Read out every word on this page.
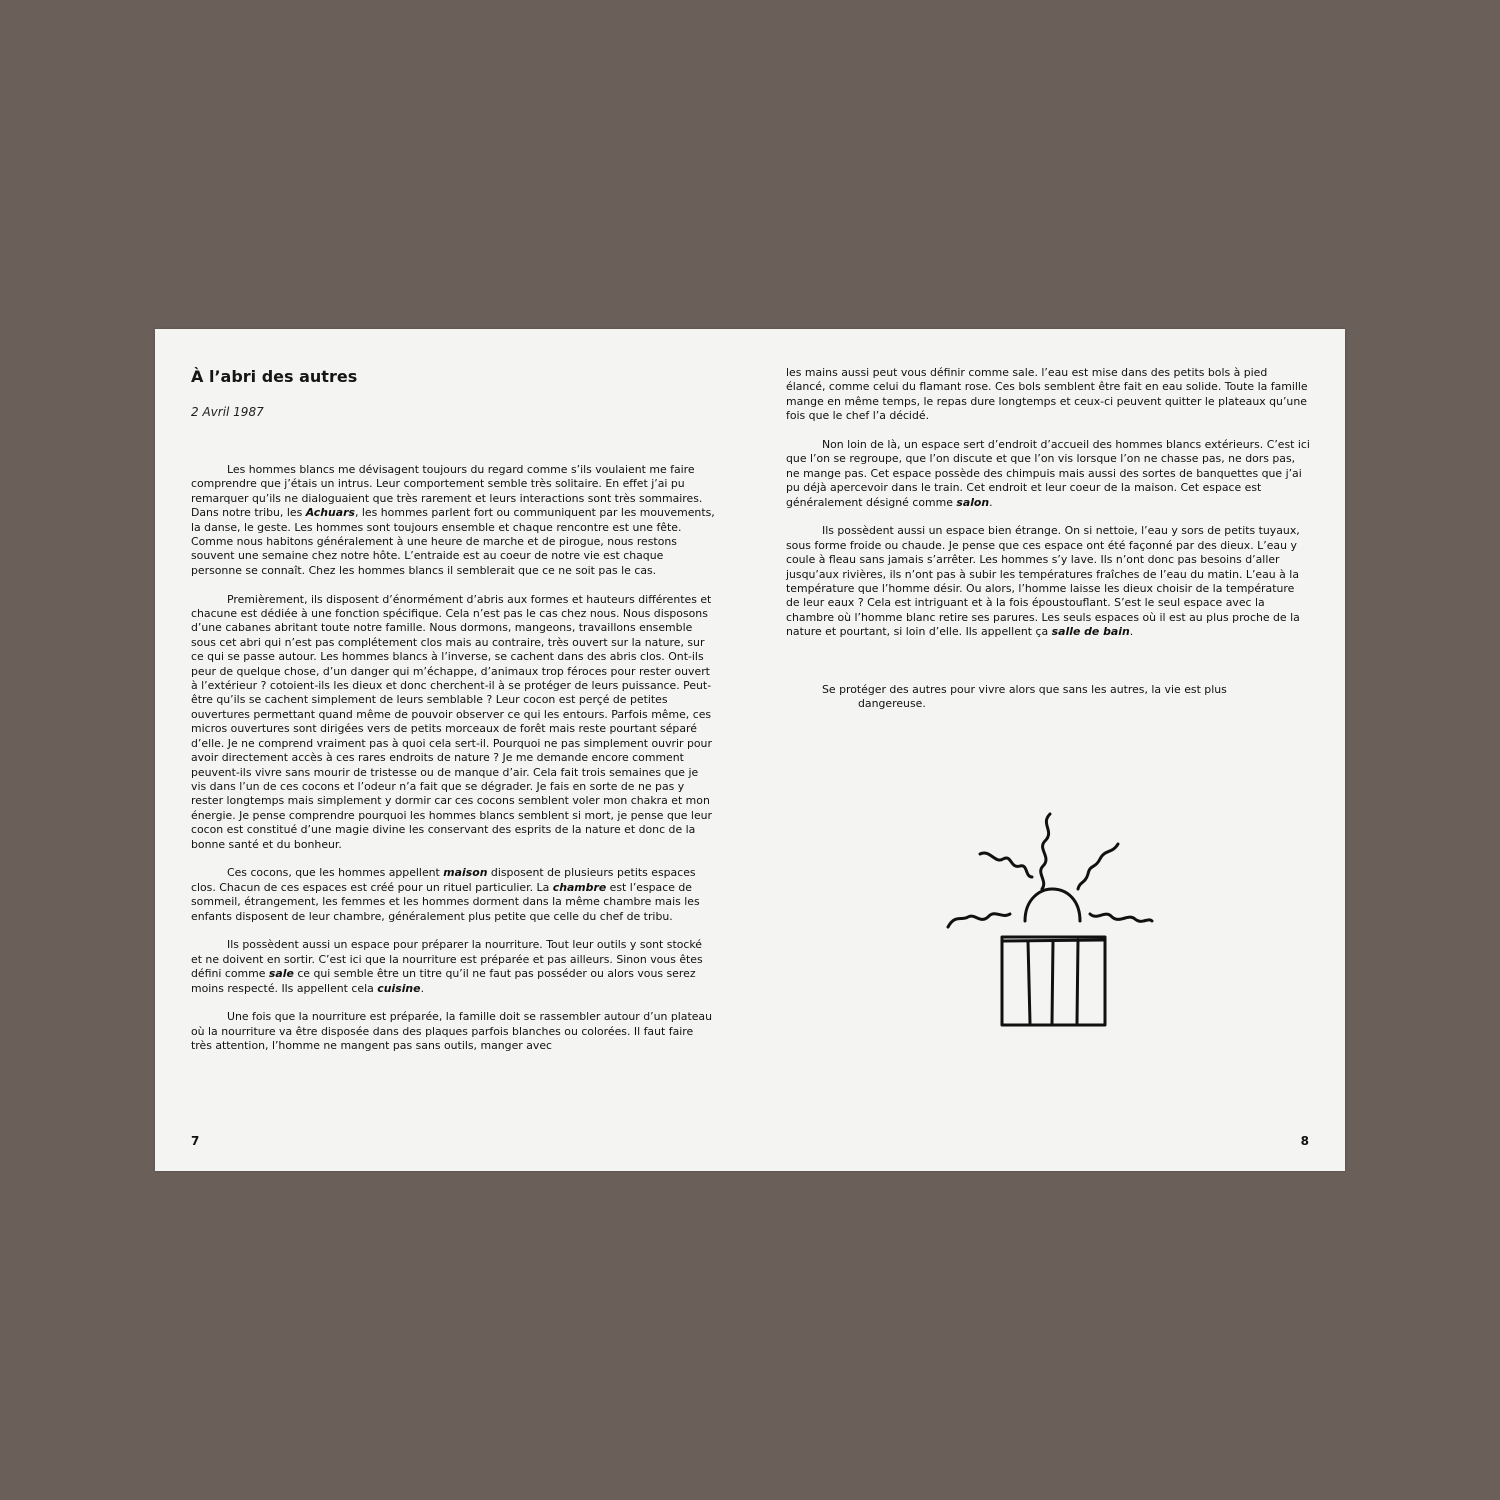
À l’abri des autres
2 Avril 1987

Les hommes blancs me dévisagent toujours du regard comme s’ils voulaient me faire comprendre que j’étais un intrus. Leur comportement semble très solitaire. En effet j’ai pu remarquer qu’ils ne dialoguaient que très rarement et leurs interactions sont très sommaires. Dans notre tribu, les Achuars, les hommes parlent fort ou communiquent par les mouvements, la danse, le geste. Les hommes sont toujours ensemble et chaque rencontre est une fête. Comme nous habitons généralement à une heure de marche et de pirogue, nous restons souvent une semaine chez notre hôte. L’entraide est au coeur de notre vie est chaque personne se connaît. Chez les hommes blancs il semblerait que ce ne soit pas le cas.

Premièrement, ils disposent d’énormément d’abris aux formes et hauteurs différentes et chacune est dédiée à une fonction spécifique. Cela n’est pas le cas chez nous. Nous disposons d’une cabanes abritant toute notre famille. Nous dormons, mangeons, travaillons ensemble sous cet abri qui n’est pas complétement clos mais au contraire, très ouvert sur la nature, sur ce qui se passe autour. Les hommes blancs à l’inverse, se cachent dans des abris clos. Ont-ils peur de quelque chose, d’un danger qui m’échappe, d’animaux trop féroces pour rester ouvert à l’extérieur ? cotoient-ils les dieux et donc cherchent-il à se protéger de leurs puissance. Peut-être qu’ils se cachent simplement de leurs semblable ? Leur cocon est perçé de petites ouvertures permettant quand même de pouvoir observer ce qui les entours. Parfois même, ces micros ouvertures sont dirigées vers de petits morceaux de forêt mais reste pourtant séparé d’elle. Je ne comprend vraiment pas à quoi cela sert-il. Pourquoi ne pas simplement ouvrir pour avoir directement accès à ces rares endroits de nature ? Je me demande encore comment peuvent-ils vivre sans mourir de tristesse ou de manque d’air. Cela fait trois semaines que je vis dans l’un de ces cocons et l’odeur n’a fait que se dégrader. Je fais en sorte de ne pas y rester longtemps mais simplement y dormir car ces cocons semblent voler mon chakra et mon énergie. Je pense comprendre pourquoi les hommes blancs semblent si mort, je pense que leur cocon est constitué d’une magie divine les conservant des esprits de la nature et donc de la bonne santé et du bonheur.

Ces cocons, que les hommes appellent maison disposent de plusieurs petits espaces clos. Chacun de ces espaces est créé pour un rituel particulier. La chambre est l’espace de sommeil, étrangement, les femmes et les hommes dorment dans la même chambre mais les enfants disposent de leur chambre, généralement plus petite que celle du chef de tribu.

Ils possèdent aussi un espace pour préparer la nourriture. Tout leur outils y sont stocké et ne doivent en sortir. C’est ici que la nourriture est préparée et pas ailleurs. Sinon vous êtes défini comme sale ce qui semble être un titre qu’il ne faut pas posséder ou alors vous serez moins respecté. Ils appellent cela cuisine.

Une fois que la nourriture est préparée, la famille doit se rassembler autour d’un plateau où la nourriture va être disposée dans des plaques parfois blanches ou colorées. Il faut faire très attention, l’homme ne mangent pas sans outils, manger avec

7

les mains aussi peut vous définir comme sale. l’eau est mise dans des petits bols à pied élancé, comme celui du flamant rose. Ces bols semblent être fait en eau solide. Toute la famille mange en même temps, le repas dure longtemps et ceux-ci peuvent quitter le plateaux qu’une fois que le chef l’a décidé.

Non loin de là, un espace sert d’endroit d’accueil des hommes blancs extérieurs. C’est ici que l’on se regroupe, que l’on discute et que l’on vis lorsque l’on ne chasse pas, ne dors pas, ne mange pas. Cet espace possède des chimpuis mais aussi des sortes de banquettes que j’ai pu déjà apercevoir dans le train. Cet endroit et leur coeur de la maison. Cet espace est généralement désigné comme salon.

Ils possèdent aussi un espace bien étrange. On si nettoie, l’eau y sors de petits tuyaux, sous forme froide ou chaude. Je pense que ces espace ont été façonné par des dieux. L’eau y coule à fleau sans jamais s’arrêter. Les hommes s’y lave. Ils n’ont donc pas besoins d’aller jusqu’aux rivières, ils n’ont pas à subir les températures fraîches de l’eau du matin. L’eau à la température que l’homme désir. Ou alors, l’homme laisse les dieux choisir de la température de leur eaux ? Cela est intriguant et à la fois époustouflant. S’est le seul espace avec la chambre où l’homme blanc retire ses parures. Les seuls espaces où il est au plus proche de la nature et pourtant, si loin d’elle. Ils appellent ça salle de bain.

Se protéger des autres pour vivre alors que sans les autres, la vie est plus
dangereuse.
8
